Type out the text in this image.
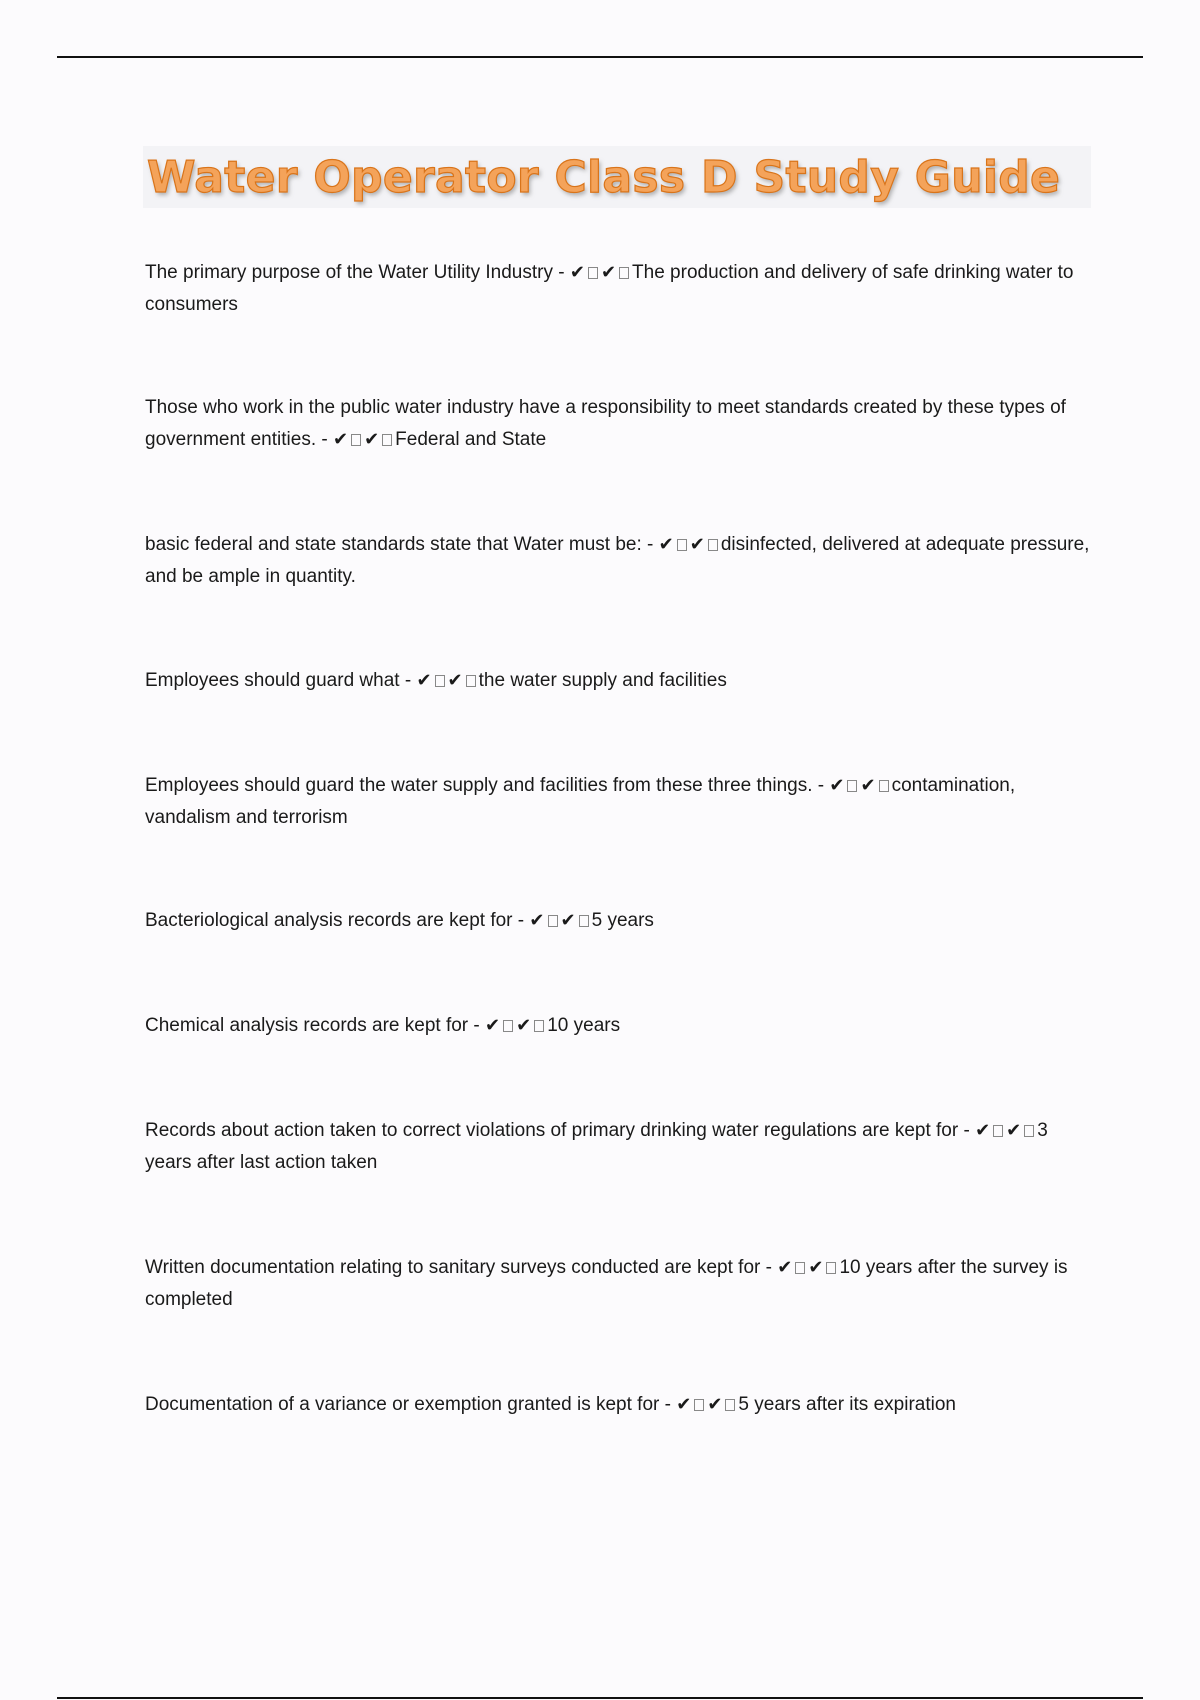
Water Operator Class D Study Guide
The primary purpose of the Water Utility Industry - ✔ ✔ The production and delivery of safe drinking water to consumers
Those who work in the public water industry have a responsibility to meet standards created by these types of government entities. - ✔ ✔ Federal and State
basic federal and state standards state that Water must be: - ✔ ✔ disinfected, delivered at adequate pressure, and be ample in quantity.
Employees should guard what - ✔ ✔ the water supply and facilities
Employees should guard the water supply and facilities from these three things. - ✔ ✔ contamination, vandalism and terrorism
Bacteriological analysis records are kept for - ✔ ✔ 5 years
Chemical analysis records are kept for - ✔ ✔ 10 years
Records about action taken to correct violations of primary drinking water regulations are kept for - ✔ ✔ 3 years after last action taken
Written documentation relating to sanitary surveys conducted are kept for - ✔ ✔ 10 years after the survey is completed
Documentation of a variance or exemption granted is kept for - ✔ ✔ 5 years after its expiration
